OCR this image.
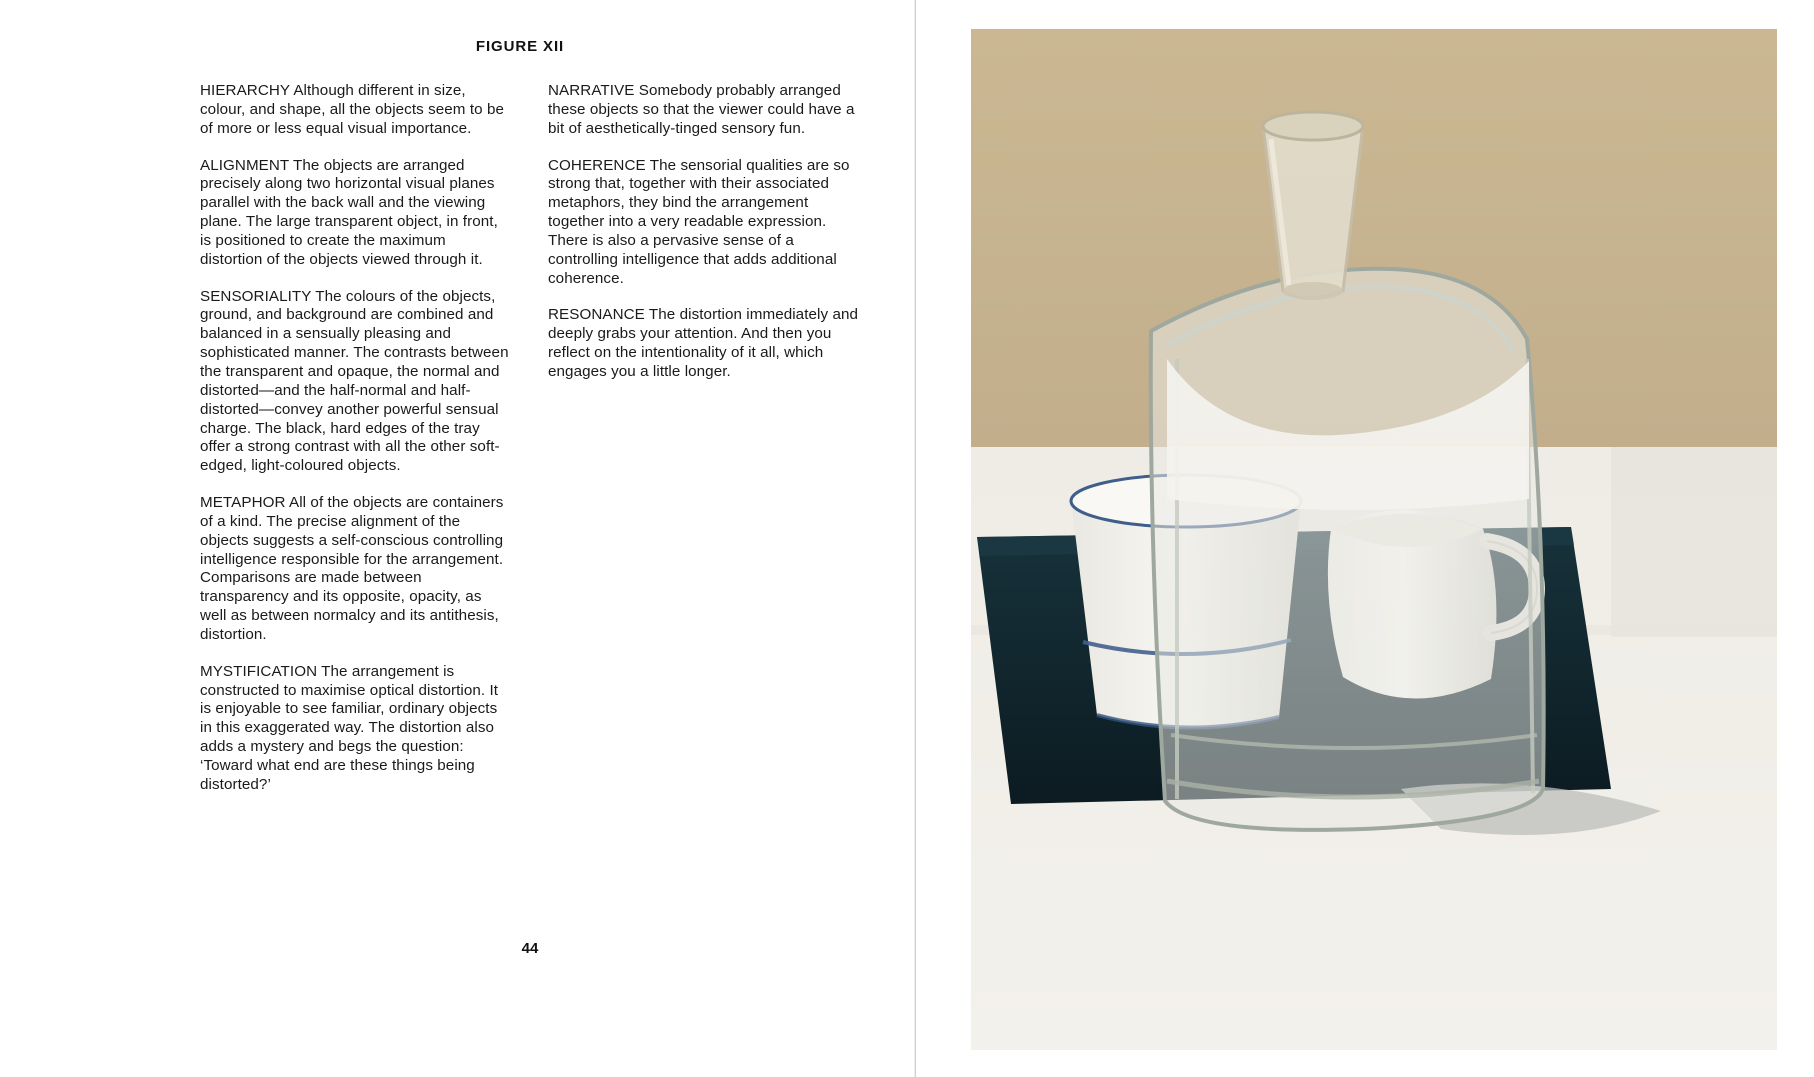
FIGURE XII

HIERARCHY Although different in size, colour, and shape, all the objects seem to be of more or less equal visual importance.

ALIGNMENT The objects are arranged precisely along two horizontal visual planes parallel with the back wall and the viewing plane. The large transparent object, in front, is positioned to create the maximum distortion of the objects viewed through it.

SENSORIALITY The colours of the objects, ground, and background are combined and balanced in a sensually pleasing and sophisticated manner. The contrasts between the transparent and opaque, the normal and distorted—and the half-normal and half-distorted—convey another powerful sensual charge. The black, hard edges of the tray offer a strong contrast with all the other soft-edged, light-coloured objects.

METAPHOR All of the objects are containers of a kind. The precise alignment of the objects suggests a self-conscious controlling intelligence responsible for the arrangement. Comparisons are made between transparency and its opposite, opacity, as well as between normalcy and its antithesis, distortion.

MYSTIFICATION The arrangement is constructed to maximise optical distortion. It is enjoyable to see familiar, ordinary objects in this exaggerated way. The distortion also adds a mystery and begs the question: ‘Toward what end are these things being distorted?’

NARRATIVE Somebody probably arranged these objects so that the viewer could have a bit of aesthetically-tinged sensory fun.

COHERENCE The sensorial qualities are so strong that, together with their associated metaphors, they bind the arrangement together into a very readable expression. There is also a pervasive sense of a controlling intelligence that adds additional coherence.

RESONANCE The distortion immediately and deeply grabs your attention. And then you reflect on the intentionality of it all, which engages you a little longer.

44
